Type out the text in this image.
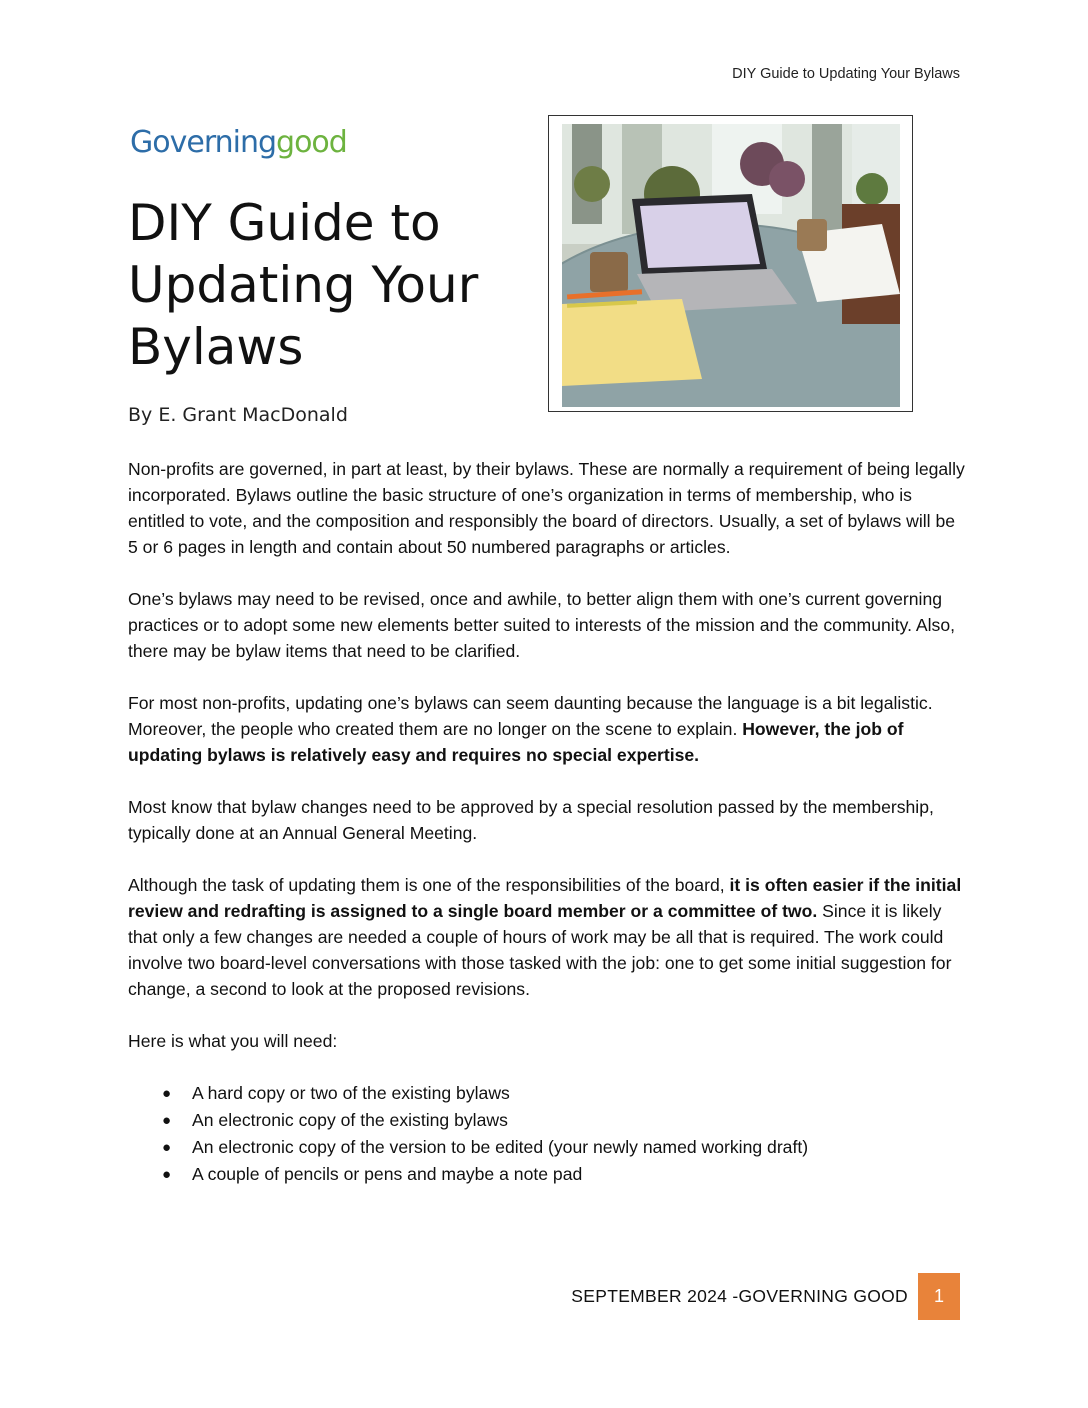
DIY Guide to Updating Your Bylaws
Governinggood
DIY Guide to
Updating Your
Bylaws
By E. Grant MacDonald

Non-profits are governed, in part at least, by their bylaws. These are normally a requirement of being legally incorporated. Bylaws outline the basic structure of one’s organization in terms of membership, who is entitled to vote, and the composition and responsibly the board of directors. Usually, a set of bylaws will be 5 or 6 pages in length and contain about 50 numbered paragraphs or articles.

One’s bylaws may need to be revised, once and awhile, to better align them with one’s current governing practices or to adopt some new elements better suited to interests of the mission and the community. Also, there may be bylaw items that need to be clarified.

For most non-profits, updating one’s bylaws can seem daunting because the language is a bit legalistic. Moreover, the people who created them are no longer on the scene to explain. However, the job of updating bylaws is relatively easy and requires no special expertise.

Most know that bylaw changes need to be approved by a special resolution passed by the membership, typically done at an Annual General Meeting.

Although the task of updating them is one of the responsibilities of the board, it is often easier if the initial review and redrafting is assigned to a single board member or a committee of two. Since it is likely that only a few changes are needed a couple of hours of work may be all that is required. The work could involve two board-level conversations with those tasked with the job: one to get some initial suggestion for change, a second to look at the proposed revisions.

Here is what you will need:

● A hard copy or two of the existing bylaws
● An electronic copy of the existing bylaws
● An electronic copy of the version to be edited (your newly named working draft)
● A couple of pencils or pens and maybe a note pad
SEPTEMBER 2024 -GOVERNING GOOD	1
